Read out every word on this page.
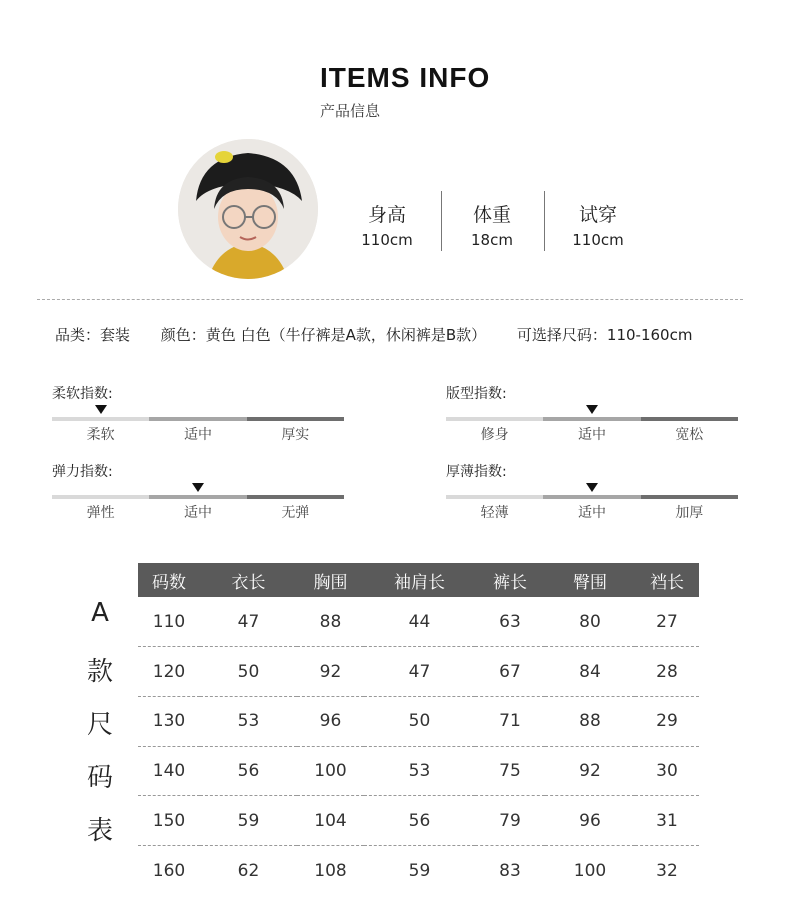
ITEMS INFO
产品信息
身高
110cm
体重
18cm
试穿
110cm
品类：套装 颜色：黄色 白色（牛仔裤是A款，休闲裤是B款） 可选择尺码：110-160cm
柔软指数:
柔软	适中	厚实
版型指数:
修身	适中	宽松
弹力指数:
弹性	适中	无弹
厚薄指数:
轻薄	适中	加厚
A
款
尺
码
表
码数	衣长	胸围	袖肩长	裤长	臀围	裆长
110	47	88	44	63	80	27
120	50	92	47	67	84	28
130	53	96	50	71	88	29
140	56	100	53	75	92	30
150	59	104	56	79	96	31
160	62	108	59	83	100	32
